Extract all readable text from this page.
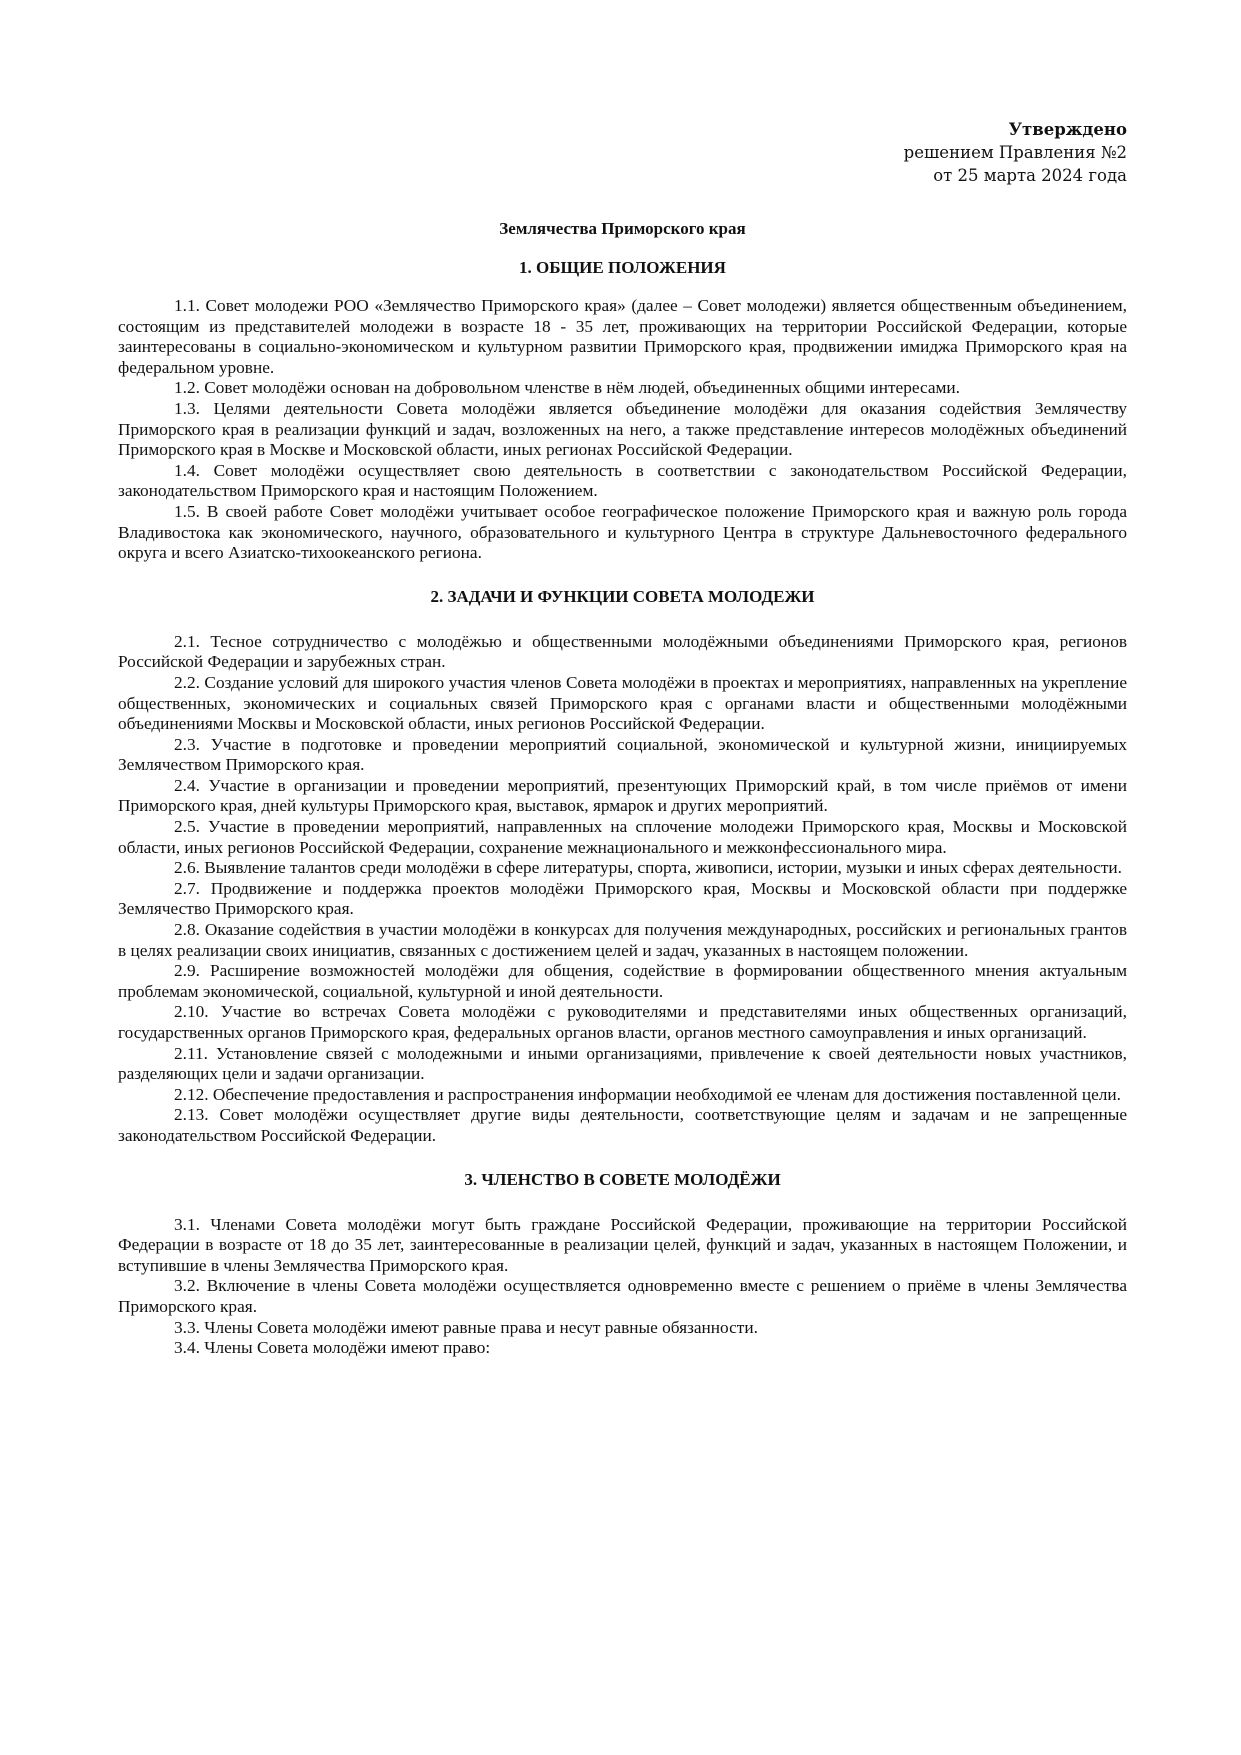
Утверждено
решением Правления №2
от 25 марта 2024 года
Землячества Приморского края
1. ОБЩИЕ ПОЛОЖЕНИЯ

1.1. Совет молодежи РОО «Землячество Приморского края» (далее – Совет молодежи) является общественным объединением, состоящим из представителей молодежи в возрасте 18 - 35 лет, проживающих на территории Российской Федерации, которые заинтересованы в социально-экономическом и культурном развитии Приморского края, продвижении имиджа Приморского края на федеральном уровне.

1.2. Совет молодёжи основан на добровольном членстве в нём людей, объединенных общими интересами.

1.3. Целями деятельности Совета молодёжи является объединение молодёжи для оказания содействия Землячеству Приморского края в реализации функций и задач, возложенных на него, а также представление интересов молодёжных объединений Приморского края в Москве и Московской области, иных регионах Российской Федерации.

1.4. Совет молодёжи осуществляет свою деятельность в соответствии с законодательством Российской Федерации, законодательством Приморского края и настоящим Положением.

1.5. В своей работе Совет молодёжи учитывает особое географическое положение Приморского края и важную роль города Владивостока как экономического, научного, образовательного и культурного Центра в структуре Дальневосточного федерального округа и всего Азиатско-тихоокеанского региона.

2. ЗАДАЧИ И ФУНКЦИИ СОВЕТА МОЛОДЕЖИ

2.1. Тесное сотрудничество с молодёжью и общественными молодёжными объединениями Приморского края, регионов Российской Федерации и зарубежных стран.

2.2. Создание условий для широкого участия членов Совета молодёжи в проектах и мероприятиях, направленных на укрепление общественных, экономических и социальных связей Приморского края с органами власти и общественными молодёжными объединениями Москвы и Московской области, иных регионов Российской Федерации.

2.3. Участие в подготовке и проведении мероприятий социальной, экономической и культурной жизни, инициируемых Землячеством Приморского края.

2.4. Участие в организации и проведении мероприятий, презентующих Приморский край, в том числе приёмов от имени Приморского края, дней культуры Приморского края, выставок, ярмарок и других мероприятий.

2.5. Участие в проведении мероприятий, направленных на сплочение молодежи Приморского края, Москвы и Московской области, иных регионов Российской Федерации, сохранение межнационального и межконфессионального мира.

2.6. Выявление талантов среди молодёжи в сфере литературы, спорта, живописи, истории, музыки и иных сферах деятельности.

2.7. Продвижение и поддержка проектов молодёжи Приморского края, Москвы и Московской области при поддержке Землячество Приморского края.

2.8. Оказание содействия в участии молодёжи в конкурсах для получения международных, российских и региональных грантов в целях реализации своих инициатив, связанных с достижением целей и задач, указанных в настоящем положении.

2.9. Расширение возможностей молодёжи для общения, содействие в формировании общественного мнения актуальным проблемам экономической, социальной, культурной и иной деятельности.

2.10. Участие во встречах Совета молодёжи с руководителями и представителями иных общественных организаций, государственных органов Приморского края, федеральных органов власти, органов местного самоуправления и иных организаций.

2.11. Установление связей с молодежными и иными организациями, привлечение к своей деятельности новых участников, разделяющих цели и задачи организации.

2.12. Обеспечение предоставления и распространения информации необходимой ее членам для достижения поставленной цели.

2.13. Совет молодёжи осуществляет другие виды деятельности, соответствующие целям и задачам и не запрещенные законодательством Российской Федерации.

3. ЧЛЕНСТВО В СОВЕТЕ МОЛОДЁЖИ

3.1. Членами Совета молодёжи могут быть граждане Российской Федерации, проживающие на территории Российской Федерации в возрасте от 18 до 35 лет, заинтересованные в реализации целей, функций и задач, указанных в настоящем Положении, и вступившие в члены Землячества Приморского края.

3.2. Включение в члены Совета молодёжи осуществляется одновременно вместе с решением о приёме в члены Землячества Приморского края.

3.3. Члены Совета молодёжи имеют равные права и несут равные обязанности.

3.4. Члены Совета молодёжи имеют право:
